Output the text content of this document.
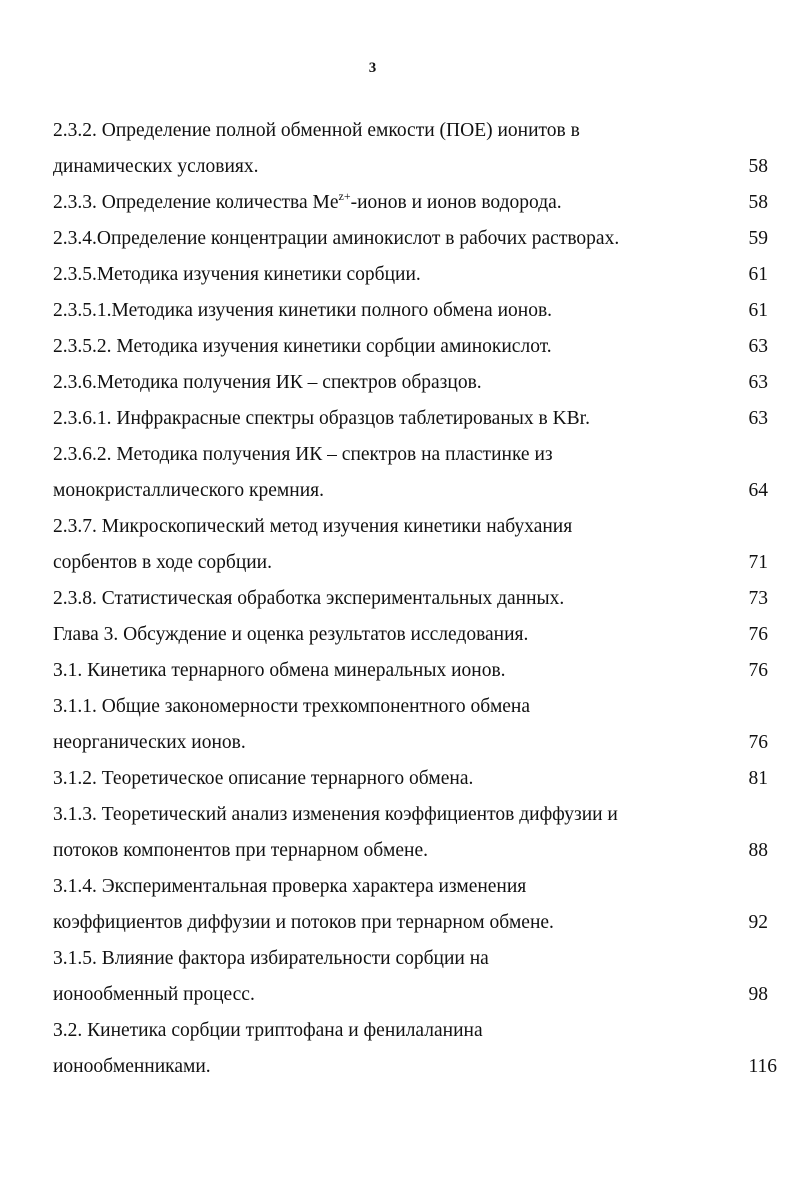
3
2.3.2. Определение полной обменной емкости (ПОЕ) ионитов в
динамических условиях.	58
2.3.3. Определение количества $Me^{z+}$-ионов и ионов водорода.	58
2.3.4.Определение концентрации аминокислот в рабочих растворах.	59
2.3.5.Методика изучения кинетики сорбции.	61
2.3.5.1.Методика изучения кинетики полного обмена ионов.	61
2.3.5.2. Методика изучения кинетики сорбции аминокислот.	63
2.3.6.Методика получения ИК – спектров образцов.	63
2.3.6.1. Инфракрасные спектры образцов таблетированых в KBr.	63
2.3.6.2. Методика получения ИК – спектров на пластинке из
монокристаллического кремния.	64
2.3.7. Микроскопический метод изучения кинетики набухания
сорбентов в ходе сорбции.	71
2.3.8. Статистическая обработка экспериментальных данных.	73
Глава 3. Обсуждение и оценка результатов исследования.	76
3.1. Кинетика тернарного обмена минеральных ионов.	76
3.1.1. Общие закономерности трехкомпонентного обмена
неорганических ионов.	76
3.1.2. Теоретическое описание тернарного обмена.	81
3.1.3. Теоретический анализ изменения коэффициентов диффузии и
потоков компонентов при тернарном обмене.	88
3.1.4. Экспериментальная проверка характера изменения
коэффициентов диффузии и потоков при тернарном обмене.	92
3.1.5. Влияние фактора избирательности сорбции на
ионообменный процесс.	98
3.2. Кинетика сорбции триптофана и фенилаланина
ионообменниками.	116
